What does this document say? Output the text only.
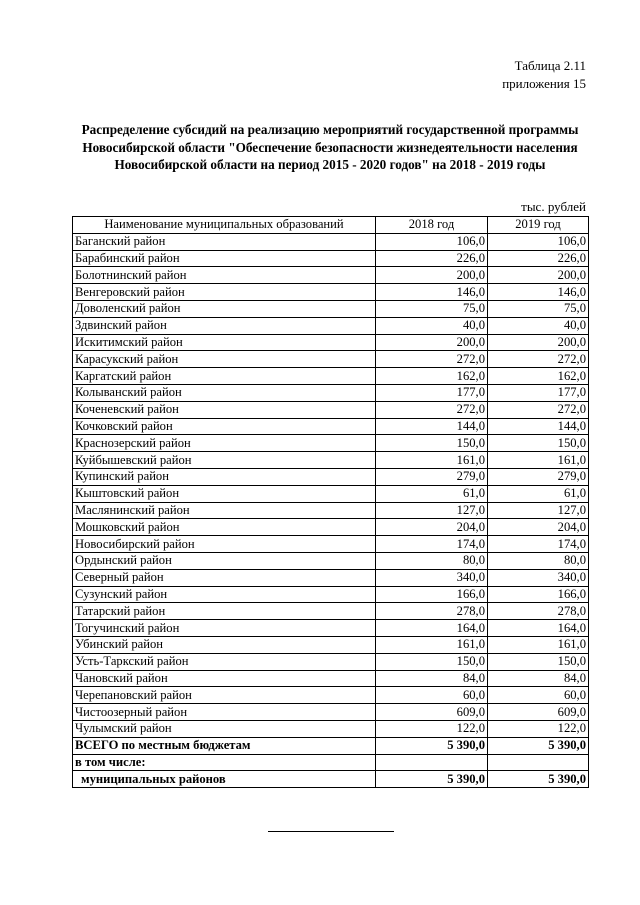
Таблица 2.11
приложения 15
Распределение субсидий на реализацию мероприятий государственной программы
Новосибирской области "Обеспечение безопасности жизнедеятельности населения
Новосибирской области на период 2015 - 2020 годов" на 2018 - 2019 годы
тыс. рублей
Наименование муниципальных образований	2018 год	2019 год
Баганский район	106,0	106,0
Барабинский район	226,0	226,0
Болотнинский район	200,0	200,0
Венгеровский район	146,0	146,0
Доволенский район	75,0	75,0
Здвинский район	40,0	40,0
Искитимский район	200,0	200,0
Карасукский район	272,0	272,0
Каргатский район	162,0	162,0
Колыванский район	177,0	177,0
Коченевский район	272,0	272,0
Кочковский район	144,0	144,0
Краснозерский район	150,0	150,0
Куйбышевский район	161,0	161,0
Купинский район	279,0	279,0
Кыштовский район	61,0	61,0
Маслянинский район	127,0	127,0
Мошковский район	204,0	204,0
Новосибирский район	174,0	174,0
Ордынский район	80,0	80,0
Северный район	340,0	340,0
Сузунский район	166,0	166,0
Татарский район	278,0	278,0
Тогучинский район	164,0	164,0
Убинский район	161,0	161,0
Усть-Таркский район	150,0	150,0
Чановский район	84,0	84,0
Черепановский район	60,0	60,0
Чистоозерный район	609,0	609,0
Чулымский район	122,0	122,0
ВСЕГО по местным бюджетам	5 390,0	5 390,0
в том числе:		
муниципальных районов	5 390,0	5 390,0
